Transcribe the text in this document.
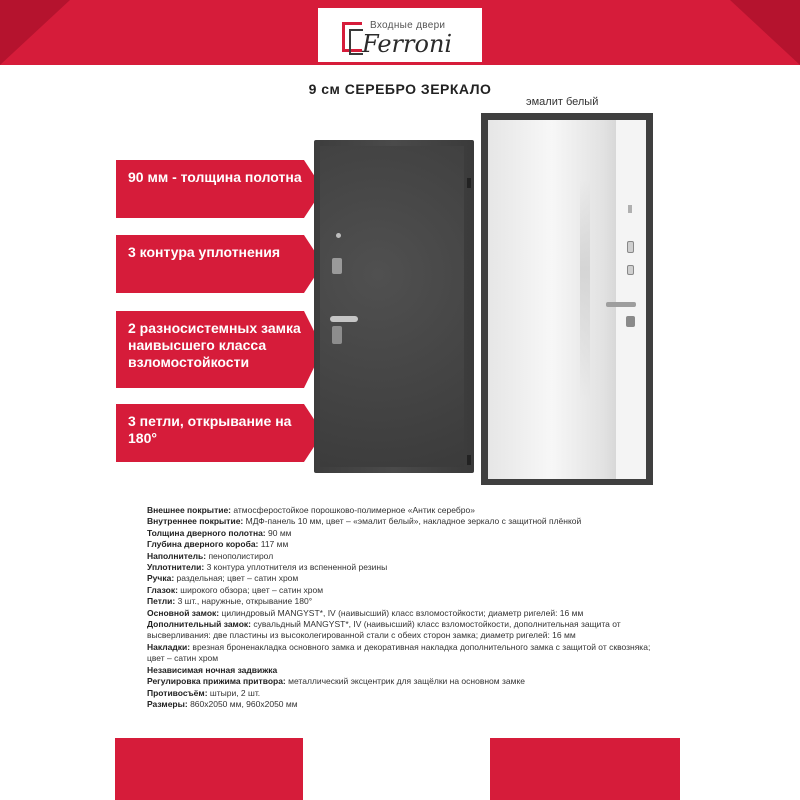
Входные двери
Ferroni
9 см СЕРЕБРО ЗЕРКАЛО
эмалит белый
90 мм - толщина полотна
3 контура уплотнения
2 разносистемных замка наивысшего класса взломостойкости
3 петли, открывание на 180°
Внешнее покрытие: атмосферостойкое порошково-полимерное «Антик серебро»
Внутреннее покрытие: МДФ-панель 10 мм, цвет – «эмалит белый», накладное зеркало с защитной плёнкой
Толщина дверного полотна: 90 мм
Глубина дверного короба: 117 мм
Наполнитель: пенополистирол
Уплотнители: 3 контура уплотнителя из вспененной резины
Ручка: раздельная; цвет – сатин хром
Глазок: широкого обзора; цвет – сатин хром
Петли: 3 шт., наружные, открывание 180°
Основной замок: цилиндровый MANGYST*, IV (наивысший) класс взломостойкости; диаметр ригелей: 16 мм
Дополнительный замок: сувальдный MANGYST*, IV (наивысший) класс взломостойкости, дополнительная защита от высверливания: две пластины из высоколегированной стали с обеих сторон замка; диаметр ригелей: 16 мм
Накладки: врезная броненакладка основного замка и декоративная накладка дополнительного замка с защитой от сквозняка; цвет – сатин хром
Независимая ночная задвижка
Регулировка прижима притвора: металлический эксцентрик для защёлки на основном замке
Противосъём: штыри, 2 шт.
Размеры: 860x2050 мм, 960x2050 мм
